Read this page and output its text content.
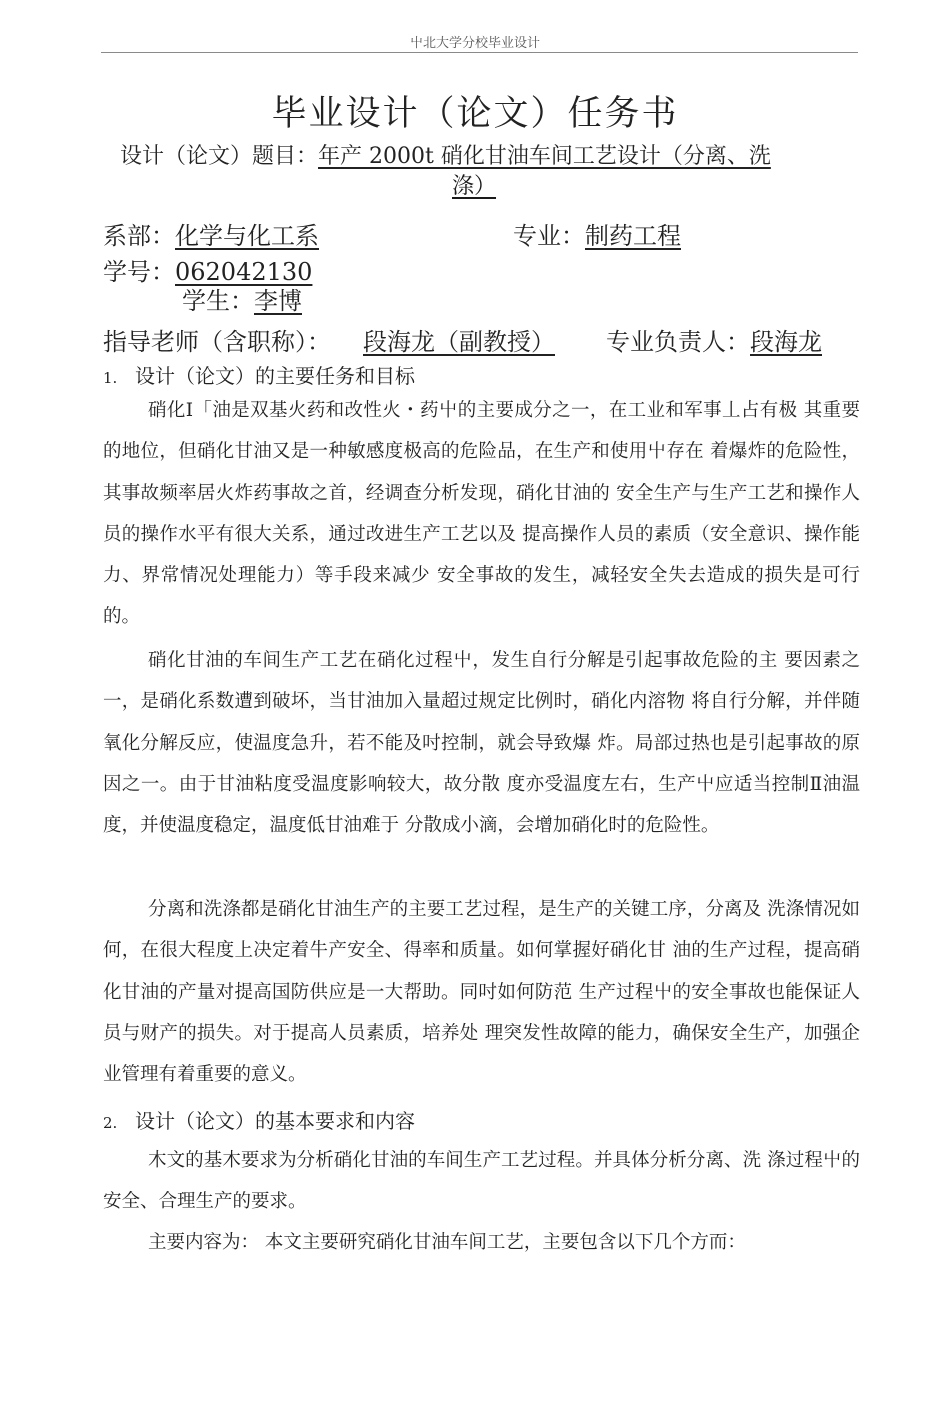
屮北大学分校毕业设计
毕业设计（论文）任务书
设计（论文）题目：年产 2000t 硝化甘油车间工艺设计（分离、洗
涤）
系部：化学与化工系	专业：制药工程
学号：062042130
学生：李博
指导老师（含职称）： 段海龙（副教授） 专业负责人：段海龙
1. 设计（论文）的主要任务和目标
硝化Ⅰ「油是双基火药和改性火・药屮的主要成分之一，在工业和军事丄占有极 其重要的地位，但硝化甘油又是一种敏感度极高的危险品，在生产和使用屮存在 着爆炸的危险性，其事故频率居火炸药事故之首，经调查分析发现，硝化甘油的 安全生产与生产工艺和操作人员的操作水平有很大关系，通过改进生产工艺以及 提高操作人员的素质（安全意识、操作能力、界常情况处理能力）等手段来减少 安全事故的发生，减轻安全失去造成的损失是可行的。
硝化甘油的车间生产工艺在硝化过程屮，发生自行分解是引起事故危险的主 要因素之一，是硝化系数遭到破坏，当甘油加入量超过规定比例时，硝化内溶物 将自行分解，并伴随氧化分解反应，使温度急升，若不能及吋控制，就会导致爆 炸。局部过热也是引起事故的原因之一。由于甘油粘度受温度影响较大，故分散 度亦受温度左右，生产屮应适当控制Ⅱ油温度，并使温度稳定，温度低甘油难于 分散成小滴，会增加硝化时的危险性。
分离和洗涤都是硝化甘油生产的主要工艺过程，是生产的关键工序，分离及 洗涤情况如何，在很大程度上决定着牛产安全、得率和质量。如何掌握好硝化甘 油的生产过程，提高硝化甘油的产量对提高国防供应是一大帮助。同吋如何防范 生产过程屮的安全事故也能保证人员与财产的损失。对于提高人员素质，培养处 理突发性故障的能力，确保安全生产，加强企业管理有着重要的意义。
2. 设计（论文）的基本要求和内容
木文的基木要求为分析硝化甘油的车间生产工艺过程。并具体分析分离、洗 涤过程屮的安全、合理生产的要求。
主要内容为： 本文主要研究硝化甘油车间工艺，主要包含以下几个方而：
